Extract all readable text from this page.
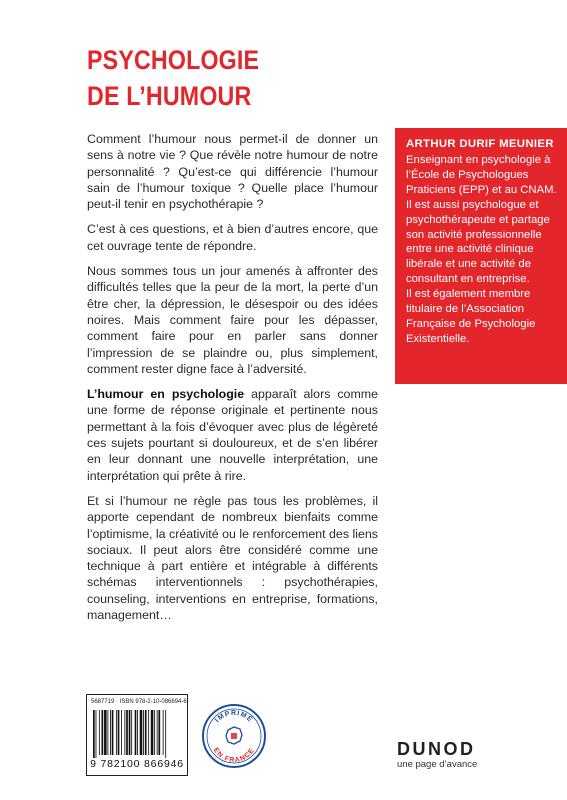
PSYCHOLOGIE
DE L’HUMOUR

Comment l’humour nous permet-il de donner un sens à notre vie ? Que révèle notre humour de notre personnalité ? Qu’est-ce qui différencie l’humour sain de l’humour toxique ? Quelle place l’humour peut-il tenir en psychothérapie ?

C’est à ces questions, et à bien d’autres encore, que cet ouvrage tente de répondre.

Nous sommes tous un jour amenés à affronter des difficultés telles que la peur de la mort, la perte d’un être cher, la dépression, le désespoir ou des idées noires. Mais comment faire pour les dépasser, comment faire pour en parler sans donner l’impression de se plaindre ou, plus simplement, comment rester digne face à l’adversité.

L’humour en psychologie apparaît alors comme une forme de réponse originale et pertinente nous permettant à la fois d’évoquer avec plus de légèreté ces sujets pourtant si douloureux, et de s’en libérer en leur donnant une nouvelle interprétation, une interprétation qui prête à rire.

Et si l’humour ne règle pas tous les problèmes, il apporte cependant de nombreux bienfaits comme l’optimisme, la créativité ou le renforcement des liens sociaux. Il peut alors être considéré comme une technique à part entière et intégrable à différents schémas interventionnels : psychothérapies, counseling, interventions en entreprise, formations, management…

ARTHUR DURIF MEUNIER

Enseignant en psychologie à l’École de Psychologues Praticiens (EPP) et au CNAM.

Il est aussi psychologue et psychothérapeute et partage son activité professionnelle entre une activité clinique libérale et une activité de consultant en entreprise.

Il est également membre titulaire de l’Association Française de Psychologie Existentielle.

5687719 · ISBN 978-2-10-086694-6
9 782100 866946
IMPRIMÉ
EN FRANCE	DUNOD
une page d’avance
